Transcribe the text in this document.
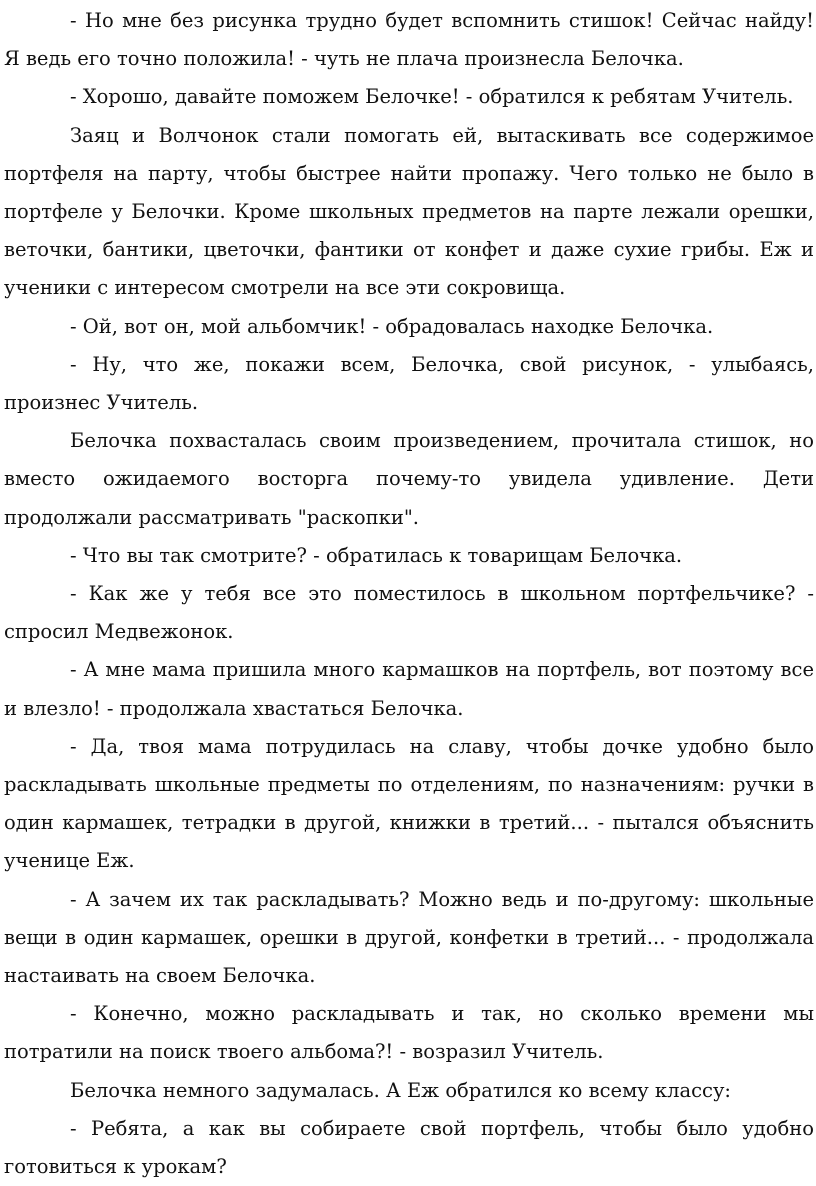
- Но мне без рисунка трудно будет вспомнить стишок! Сейчас найду! Я ведь его точно положила! - чуть не плача произнесла Белочка.

- Хорошо, давайте поможем Белочке! - обратился к ребятам Учитель.

Заяц и Волчонок стали помогать ей, вытаскивать все содержимое портфеля на парту, чтобы быстрее найти пропажу. Чего только не было в портфеле у Белочки. Кроме школьных предметов на парте лежали орешки, веточки, бантики, цветочки, фантики от конфет и даже сухие грибы. Еж и ученики с интересом смотрели на все эти сокровища.

- Ой, вот он, мой альбомчик! - обрадовалась находке Белочка.

- Ну, что же, покажи всем, Белочка, свой рисунок, - улыбаясь, произнес Учитель.

Белочка похвасталась своим произведением, прочитала стишок, но вместо ожидаемого восторга почему-то увидела удивление. Дети продолжали рассматривать "раскопки".

- Что вы так смотрите? - обратилась к товарищам Белочка.

- Как же у тебя все это поместилось в школьном портфельчике? - спросил Медвежонок.

- А мне мама пришила много кармашков на портфель, вот поэтому все и влезло! - продолжала хвастаться Белочка.

- Да, твоя мама потрудилась на славу, чтобы дочке удобно было раскладывать школьные предметы по отделениям, по назначениям: ручки в один кармашек, тетрадки в другой, книжки в третий... - пытался объяснить ученице Еж.

- А зачем их так раскладывать? Можно ведь и по-другому: школьные вещи в один кармашек, орешки в другой, конфетки в третий... - продолжала настаивать на своем Белочка.

- Конечно, можно раскладывать и так, но сколько времени мы потратили на поиск твоего альбома?! - возразил Учитель.

Белочка немного задумалась. А Еж обратился ко всему классу:

- Ребята, а как вы собираете свой портфель, чтобы было удобно готовиться к урокам?
